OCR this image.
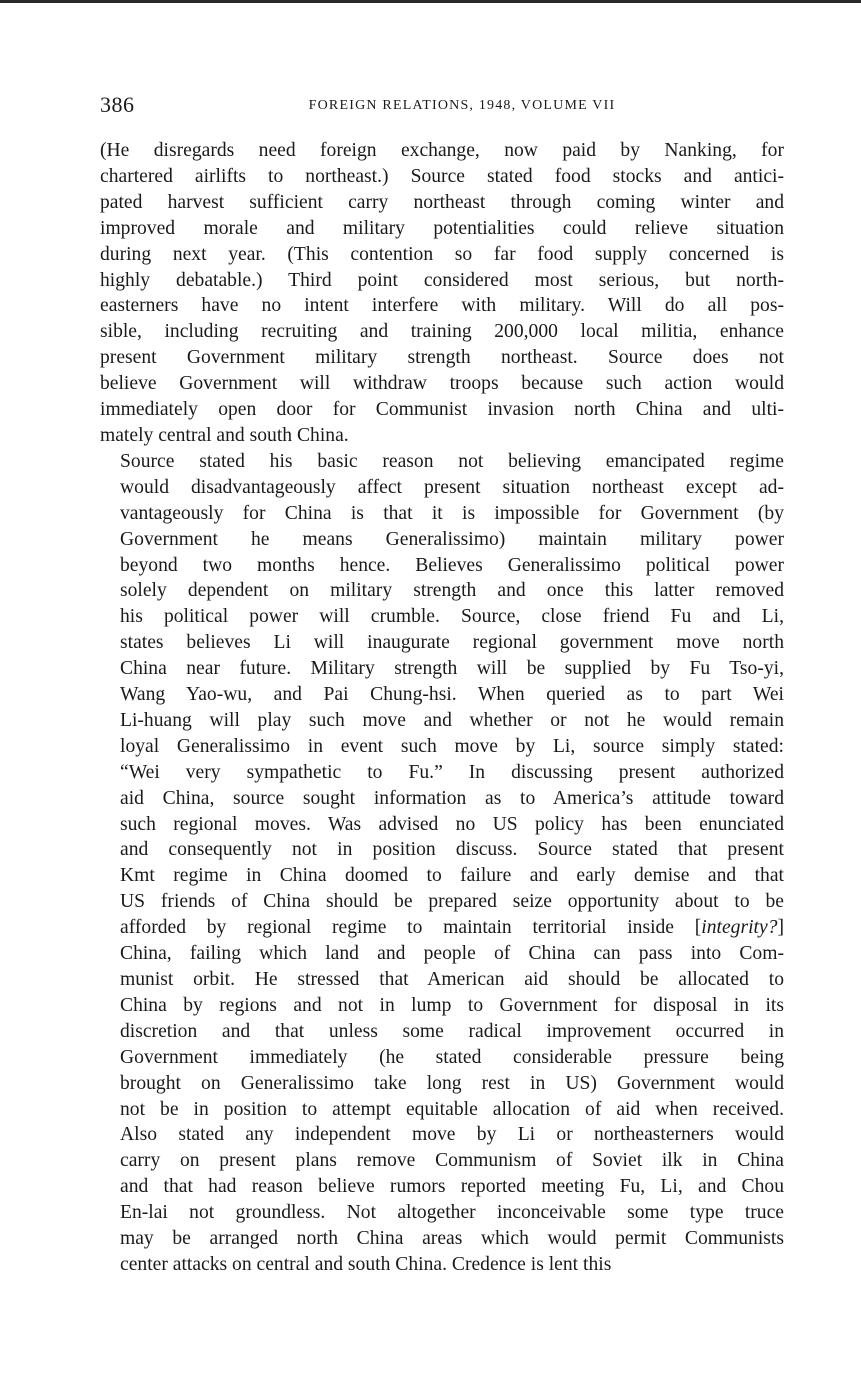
386	FOREIGN RELATIONS, 1948, VOLUME VII

(He disregards need foreign exchange, now paid by Nanking, for
chartered airlifts to northeast.) Source stated food stocks and antici-
pated harvest sufficient carry northeast through coming winter and
improved morale and military potentialities could relieve situation
during next year. (This contention so far food supply concerned is
highly debatable.) Third point considered most serious, but north-
easterners have no intent interfere with military. Will do all pos-
sible, including recruiting and training 200,000 local militia, enhance
present Government military strength northeast. Source does not
believe Government will withdraw troops because such action would
immediately open door for Communist invasion north China and ulti-
mately central and south China.

Source stated his basic reason not believing emancipated regime
would disadvantageously affect present situation northeast except ad-
vantageously for China is that it is impossible for Government (by
Government he means Generalissimo) maintain military power
beyond two months hence. Believes Generalissimo political power
solely dependent on military strength and once this latter removed
his political power will crumble. Source, close friend Fu and Li,
states believes Li will inaugurate regional government move north
China near future. Military strength will be supplied by Fu Tso-yi,
Wang Yao-wu, and Pai Chung-hsi. When queried as to part Wei
Li-huang will play such move and whether or not he would remain
loyal Generalissimo in event such move by Li, source simply stated:
“Wei very sympathetic to Fu.” In discussing present authorized
aid China, source sought information as to America’s attitude toward
such regional moves. Was advised no US policy has been enunciated
and consequently not in position discuss. Source stated that present
Kmt regime in China doomed to failure and early demise and that
US friends of China should be prepared seize opportunity about to be
afforded by regional regime to maintain territorial inside [integrity?]
China, failing which land and people of China can pass into Com-
munist orbit. He stressed that American aid should be allocated to
China by regions and not in lump to Government for disposal in its
discretion and that unless some radical improvement occurred in
Government immediately (he stated considerable pressure being
brought on Generalissimo take long rest in US) Government would
not be in position to attempt equitable allocation of aid when received.
Also stated any independent move by Li or northeasterners would
carry on present plans remove Communism of Soviet ilk in China
and that had reason believe rumors reported meeting Fu, Li, and Chou
En-lai not groundless. Not altogether inconceivable some type truce
may be arranged north China areas which would permit Communists
center attacks on central and south China. Credence is lent this
